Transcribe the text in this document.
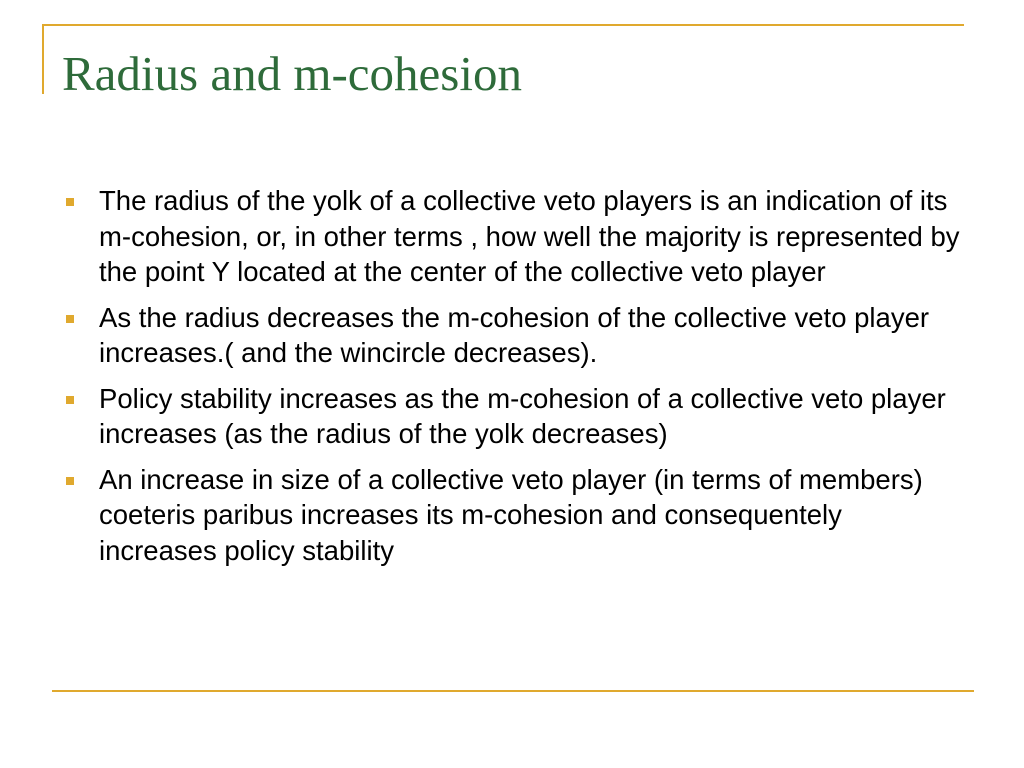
Radius and m-cohesion
The radius of the yolk of a collective veto players is an indication of its m-cohesion, or, in other terms , how well the majority is represented by the point Y located at the center of the collective veto player
As the radius decreases the m-cohesion of the collective veto player increases.( and the wincircle decreases).
Policy stability increases as the m-cohesion of a collective veto player increases (as the radius of the yolk decreases)
An increase in size of a collective veto player (in terms of members) coeteris paribus increases its m-cohesion and consequentely increases policy stability
